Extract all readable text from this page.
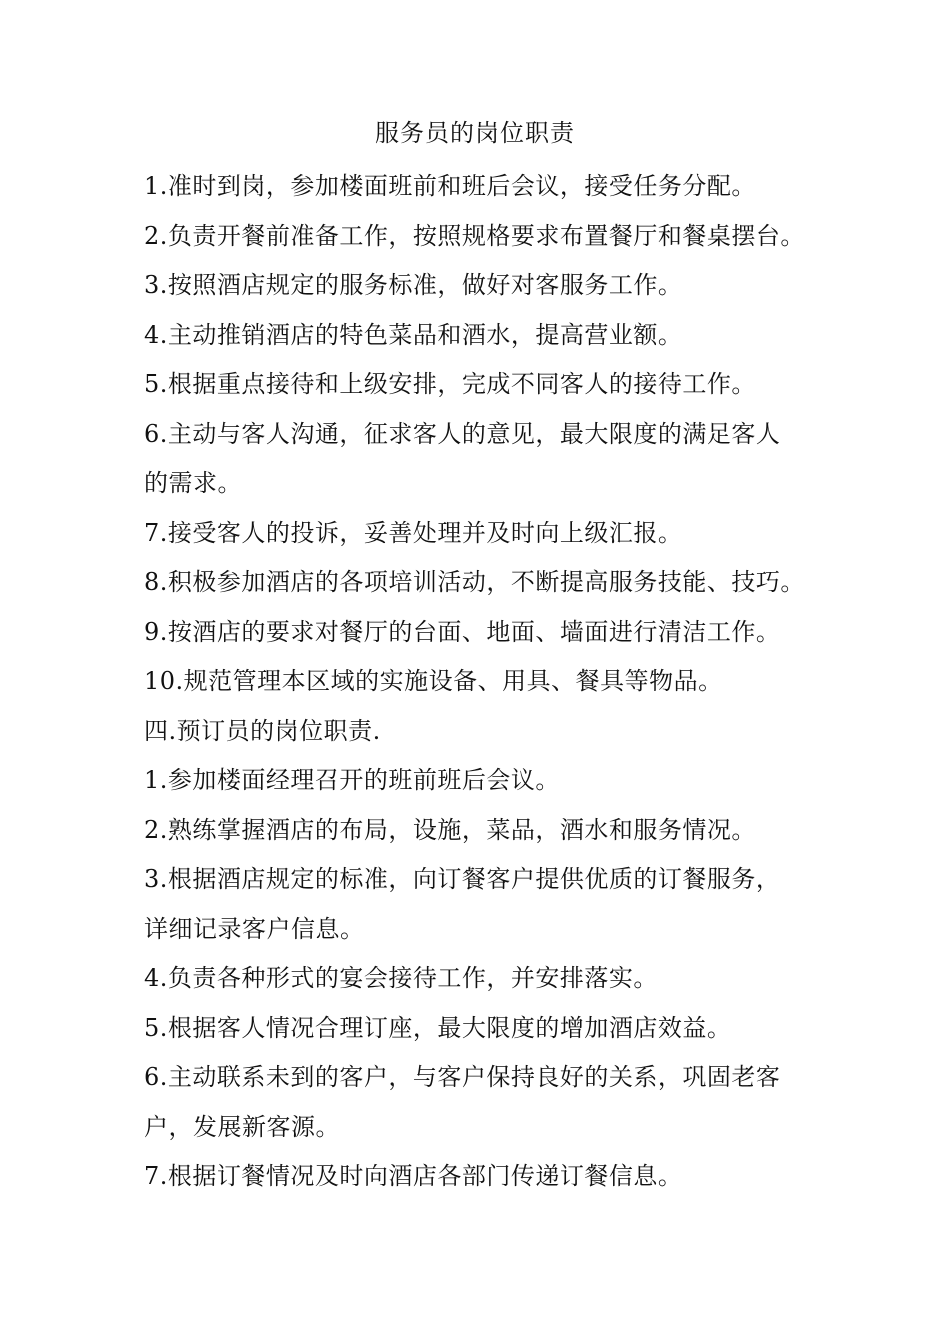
服务员的岗位职责
1.准时到岗，参加楼面班前和班后会议，接受任务分配。
2.负责开餐前准备工作，按照规格要求布置餐厅和餐桌摆台。
3.按照酒店规定的服务标准，做好对客服务工作。
4.主动推销酒店的特色菜品和酒水，提高营业额。
5.根据重点接待和上级安排，完成不同客人的接待工作。
6.主动与客人沟通，征求客人的意见，最大限度的满足客人
的需求。
7.接受客人的投诉，妥善处理并及时向上级汇报。
8.积极参加酒店的各项培训活动，不断提高服务技能、技巧。
9.按酒店的要求对餐厅的台面、地面、墙面进行清洁工作。
10.规范管理本区域的实施设备、用具、餐具等物品。
四.预订员的岗位职责.
1.参加楼面经理召开的班前班后会议。
2.熟练掌握酒店的布局，设施，菜品，酒水和服务情况。
3.根据酒店规定的标准，向订餐客户提供优质的订餐服务，
详细记录客户信息。
4.负责各种形式的宴会接待工作，并安排落实。
5.根据客人情况合理订座，最大限度的增加酒店效益。
6.主动联系未到的客户，与客户保持良好的关系，巩固老客
户，发展新客源。
7.根据订餐情况及时向酒店各部门传递订餐信息。
